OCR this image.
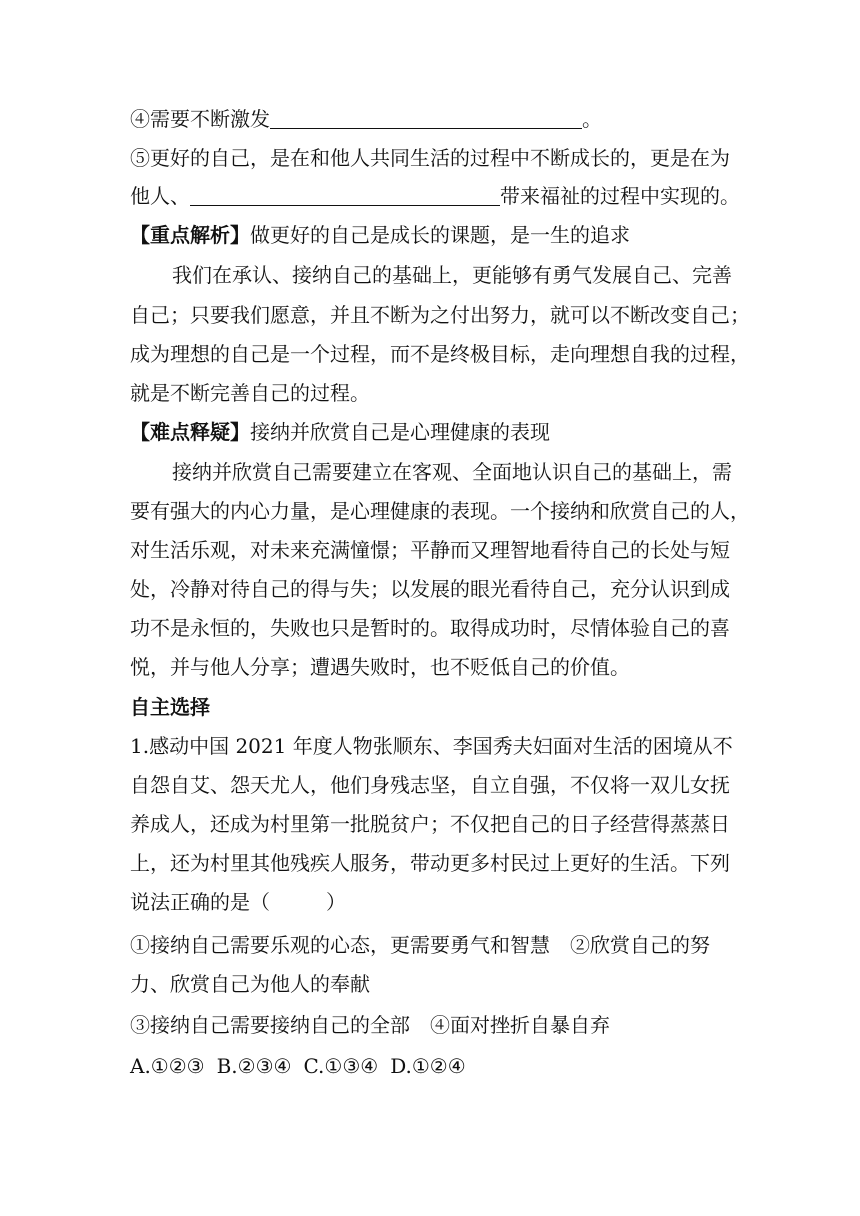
④需要不断激发	。
⑤更好的自己，是在和他人共同生活的过程中不断成长的，更是在为
他人、	带来福祉的过程中实现的。
【重点解析】做更好的自己是成长的课题，是一生的追求
我们在承认、接纳自己的基础上，更能够有勇气发展自己、完善
自己；只要我们愿意，并且不断为之付出努力，就可以不断改变自己；
成为理想的自己是一个过程，而不是终极目标，走向理想自我的过程，
就是不断完善自己的过程。
【难点释疑】接纳并欣赏自己是心理健康的表现
接纳并欣赏自己需要建立在客观、全面地认识自己的基础上，需
要有强大的内心力量，是心理健康的表现。一个接纳和欣赏自己的人，
对生活乐观，对未来充满憧憬；平静而又理智地看待自己的长处与短
处，冷静对待自己的得与失；以发展的眼光看待自己，充分认识到成
功不是永恒的，失败也只是暂时的。取得成功时，尽情体验自己的喜
悦，并与他人分享；遭遇失败时，也不贬低自己的价值。
自主选择
1.感动中国 2021 年度人物张顺东、李国秀夫妇面对生活的困境从不
自怨自艾、怨天尤人，他们身残志坚，自立自强，不仅将一双儿女抚
养成人，还成为村里第一批脱贫户；不仅把自己的日子经营得蒸蒸日
上，还为村里其他残疾人服务，带动更多村民过上更好的生活。下列
说法正确的是（	）
①接纳自己需要乐观的心态，更需要勇气和智慧　②欣赏自己的努
力、欣赏自己为他人的奉献
③接纳自己需要接纳自己的全部　④面对挫折自暴自弃
A.①②③ B.②③④ C.①③④ D.①②④
